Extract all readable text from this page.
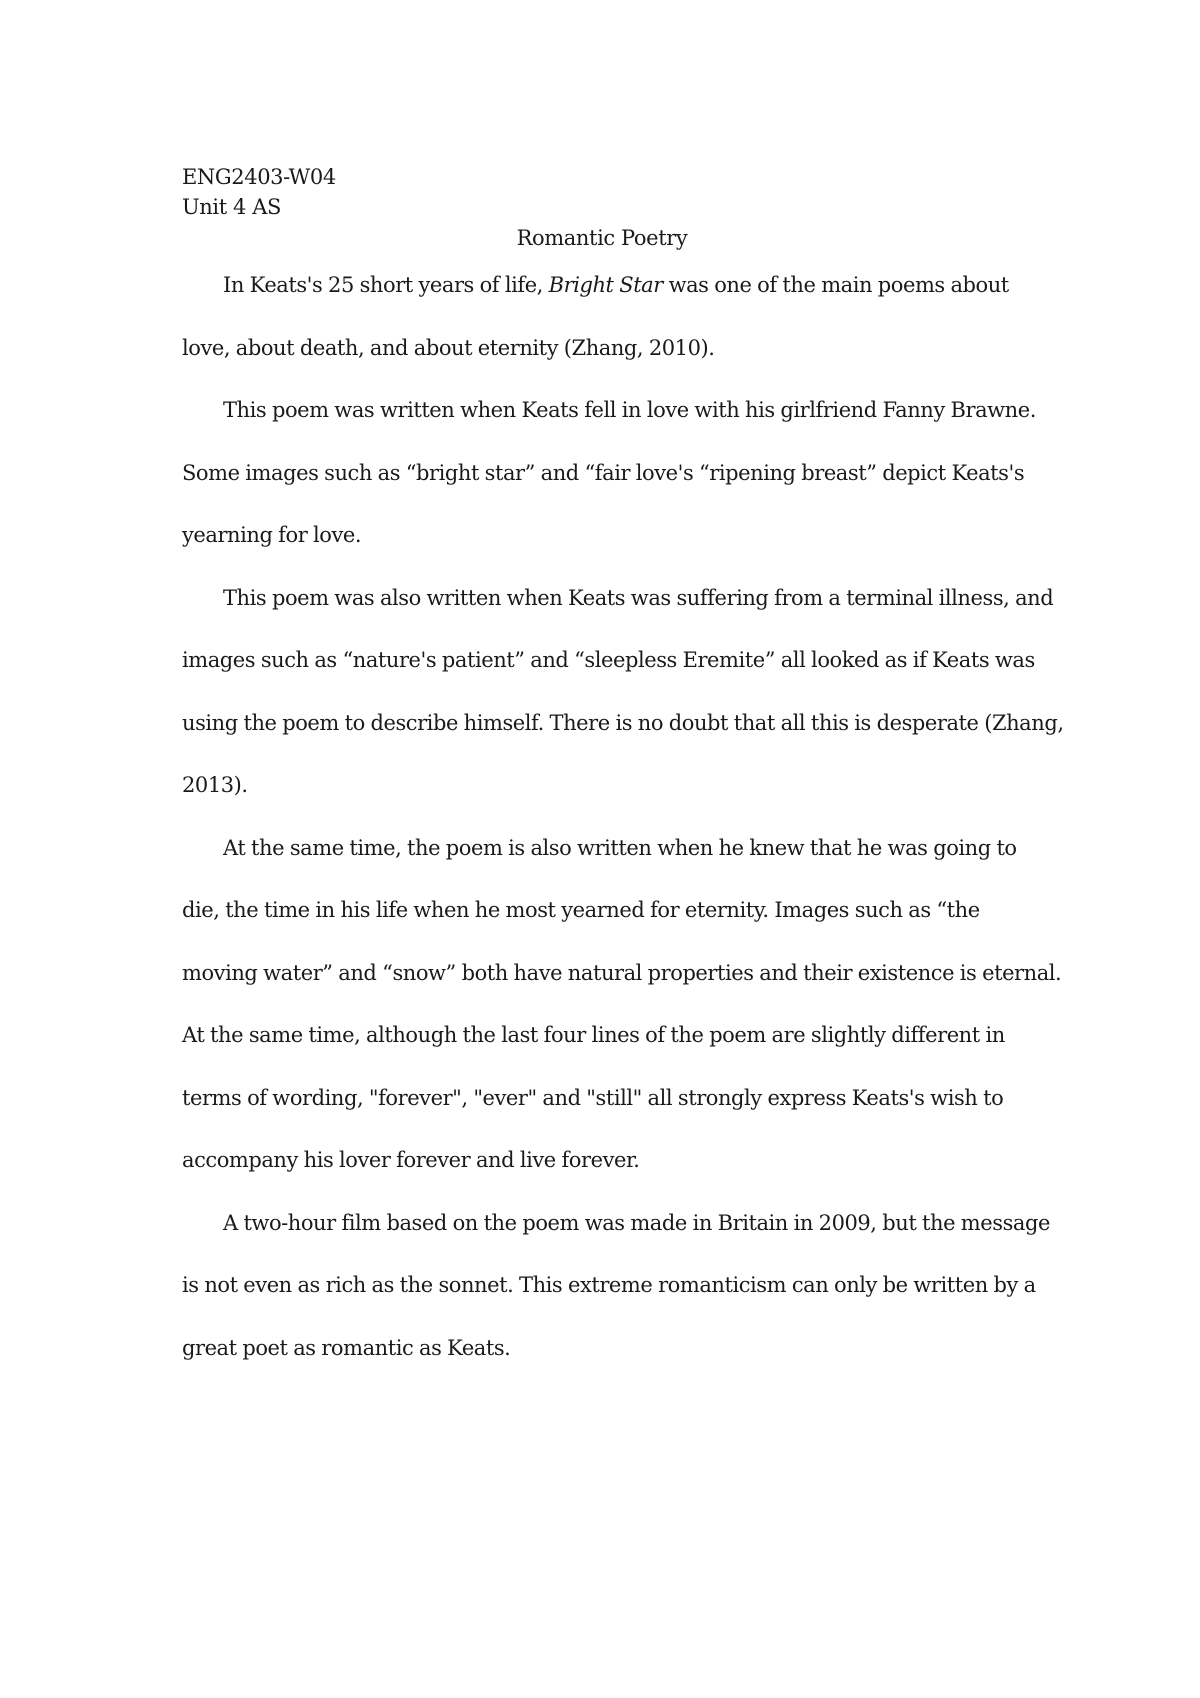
ENG2403-W04
Unit 4 AS
Romantic Poetry

In Keats's 25 short years of life, Bright Star was one of the main poems about
love, about death, and about eternity (Zhang, 2010).

This poem was written when Keats fell in love with his girlfriend Fanny Brawne.
Some images such as “bright star” and “fair love's “ripening breast” depict Keats's
yearning for love.

This poem was also written when Keats was suffering from a terminal illness, and
images such as “nature's patient” and “sleepless Eremite” all looked as if Keats was
using the poem to describe himself. There is no doubt that all this is desperate (Zhang,
2013).

At the same time, the poem is also written when he knew that he was going to
die, the time in his life when he most yearned for eternity. Images such as “the
moving water” and “snow” both have natural properties and their existence is eternal.
At the same time, although the last four lines of the poem are slightly different in
terms of wording, "forever", "ever" and "still" all strongly express Keats's wish to
accompany his lover forever and live forever.

A two-hour film based on the poem was made in Britain in 2009, but the message
is not even as rich as the sonnet. This extreme romanticism can only be written by a
great poet as romantic as Keats.
